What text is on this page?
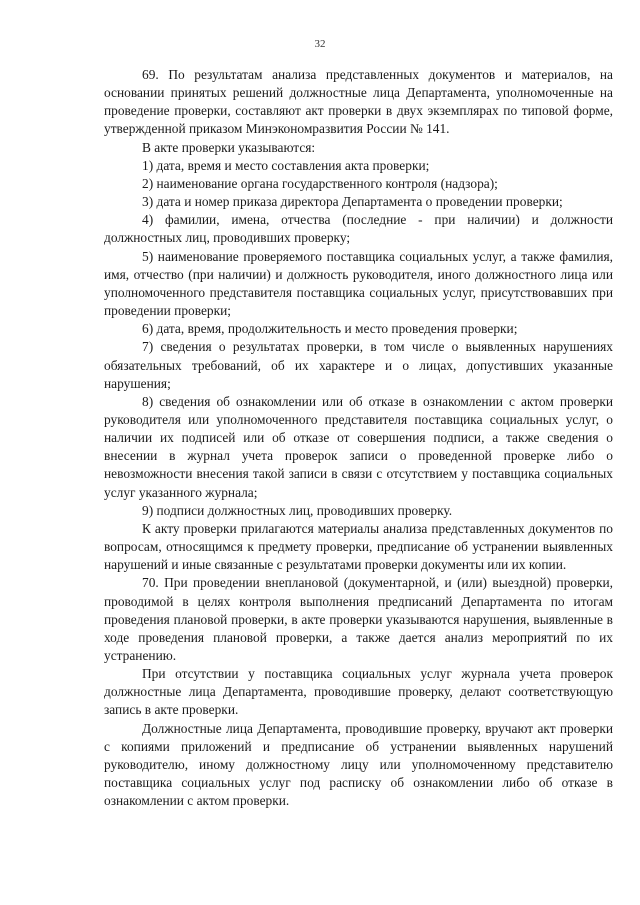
32

69. По результатам анализа представленных документов и материалов, на основании принятых решений должностные лица Департамента, уполномоченные на проведение проверки, составляют акт проверки в двух экземплярах по типовой форме, утвержденной приказом Минэкономразвития России № 141.

В акте проверки указываются:

1) дата, время и место составления акта проверки;

2) наименование органа государственного контроля (надзора);

3) дата и номер приказа директора Департамента о проведении проверки;

4) фамилии, имена, отчества (последние - при наличии) и должности должностных лиц, проводивших проверку;

5) наименование проверяемого поставщика социальных услуг, а также фамилия, имя, отчество (при наличии) и должность руководителя, иного должностного лица или уполномоченного представителя поставщика социальных услуг, присутствовавших при проведении проверки;

6) дата, время, продолжительность и место проведения проверки;

7) сведения о результатах проверки, в том числе о выявленных нарушениях обязательных требований, об их характере и о лицах, допустивших указанные нарушения;

8) сведения об ознакомлении или об отказе в ознакомлении с актом проверки руководителя или уполномоченного представителя поставщика социальных услуг, о наличии их подписей или об отказе от совершения подписи, а также сведения о внесении в журнал учета проверок записи о проведенной проверке либо о невозможности внесения такой записи в связи с отсутствием у поставщика социальных услуг указанного журнала;

9) подписи должностных лиц, проводивших проверку.

К акту проверки прилагаются материалы анализа представленных документов по вопросам, относящимся к предмету проверки, предписание об устранении выявленных нарушений и иные связанные с результатами проверки документы или их копии.

70. При проведении внеплановой (документарной, и (или) выездной) проверки, проводимой в целях контроля выполнения предписаний Департамента по итогам проведения плановой проверки, в акте проверки указываются нарушения, выявленные в ходе проведения плановой проверки, а также дается анализ мероприятий по их устранению.

При отсутствии у поставщика социальных услуг журнала учета проверок должностные лица Департамента, проводившие проверку, делают соответствующую запись в акте проверки.

Должностные лица Департамента, проводившие проверку, вручают акт проверки с копиями приложений и предписание об устранении выявленных нарушений руководителю, иному должностному лицу или уполномоченному представителю поставщика социальных услуг под расписку об ознакомлении либо об отказе в ознакомлении с актом проверки.
